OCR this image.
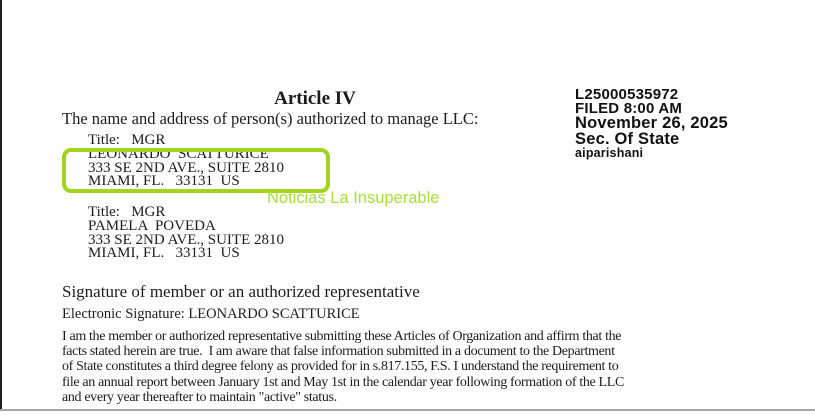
Article IV
The name and address of person(s) authorized to manage LLC:
Title:   MGR
LEONARDO  SCATTURICE
333 SE 2ND AVE., SUITE 2810
MIAMI, FL.   33131  US
Noticias La Insuperable
Title:   MGR
PAMELA  POVEDA
333 SE 2ND AVE., SUITE 2810
MIAMI, FL.   33131  US
Signature of member or an authorized representative
Electronic Signature: LEONARDO SCATTURICE
I am the member or authorized representative submitting these Articles of Organization and affirm that the
facts stated herein are true.  I am aware that false information submitted in a document to the Department
of State constitutes a third degree felony as provided for in s.817.155, F.S. I understand the requirement to
file an annual report between January 1st and May 1st in the calendar year following formation of the LLC
and every year thereafter to maintain "active" status.
L25000535972
FILED 8:00 AM
November 26, 2025
Sec. Of State
aiparishani
